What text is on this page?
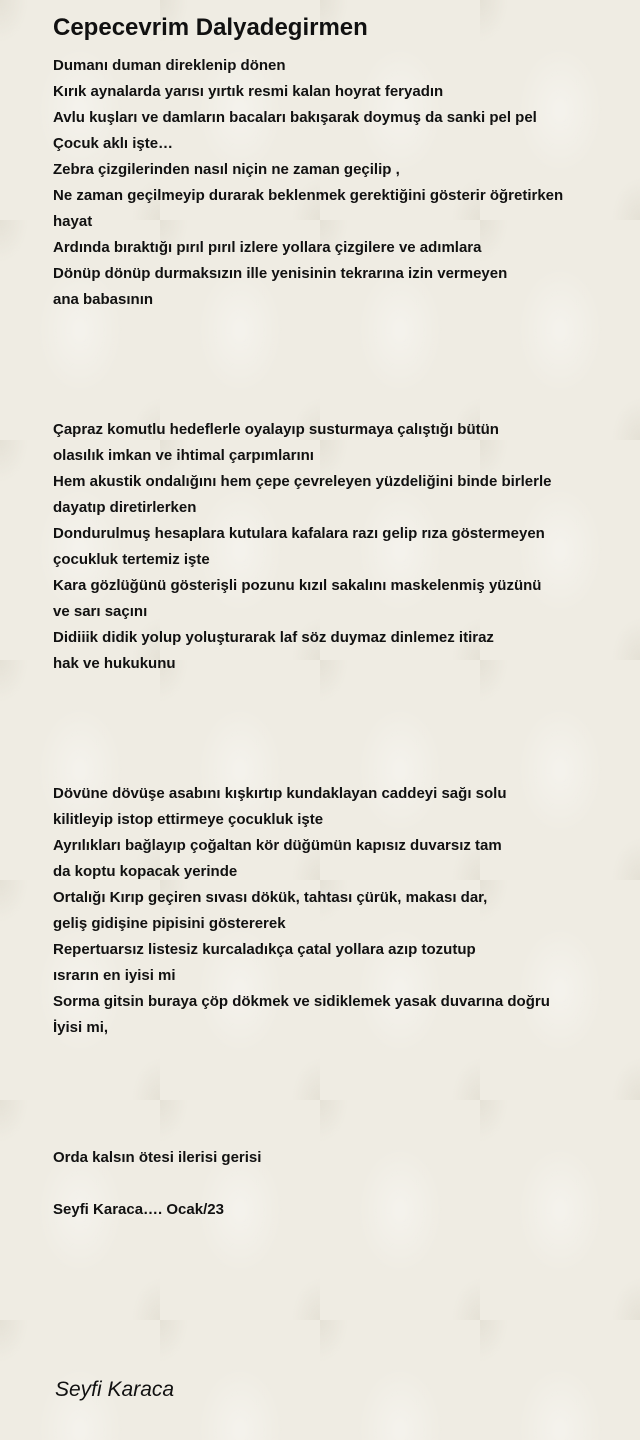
Cepecevrim Dalyadegirmen
Dumanı duman direklenip dönen
Kırık aynalarda yarısı yırtık resmi kalan hoyrat feryadın
Avlu kuşları ve damların bacaları bakışarak doymuş da sanki pel pel
Çocuk aklı işte…
Zebra çizgilerinden nasıl niçin ne zaman geçilip ,
Ne zaman geçilmeyip durarak beklenmek gerektiğini gösterir öğretirken
hayat
Ardında bıraktığı pırıl pırıl izlere yollara çizgilere ve adımlara
Dönüp dönüp durmaksızın ille yenisinin tekrarına izin vermeyen
ana babasının
Çapraz komutlu hedeflerle oyalayıp susturmaya çalıştığı bütün
olasılık imkan ve ihtimal çarpımlarını
Hem akustik ondalığını hem çepe çevreleyen yüzdeliğini binde birlerle
dayatıp diretirlerken
Dondurulmuş hesaplara kutulara kafalara razı gelip rıza göstermeyen
çocukluk tertemiz işte
Kara gözlüğünü gösterişli pozunu kızıl sakalını maskelenmiş yüzünü
ve sarı saçını
Didiiik didik yolup yoluşturarak laf söz duymaz dinlemez itiraz
hak ve hukukunu
Dövüne dövüşe asabını kışkırtıp kundaklayan caddeyi sağı solu
kilitleyip istop ettirmeye çocukluk işte
Ayrılıkları bağlayıp çoğaltan kör düğümün kapısız duvarsız tam
da koptu kopacak yerinde
Ortalığı Kırıp geçiren sıvası dökük, tahtası çürük, makası dar,
geliş gidişine pipisini göstererek
Repertuarsız listesiz kurcaladıkça çatal yollara azıp tozutup
ısrarın en iyisi mi
Sorma gitsin buraya çöp dökmek ve sidiklemek yasak duvarına doğru
İyisi mi,
Orda kalsın ötesi ilerisi gerisi
Seyfi Karaca…. Ocak/23
Seyfi Karaca
